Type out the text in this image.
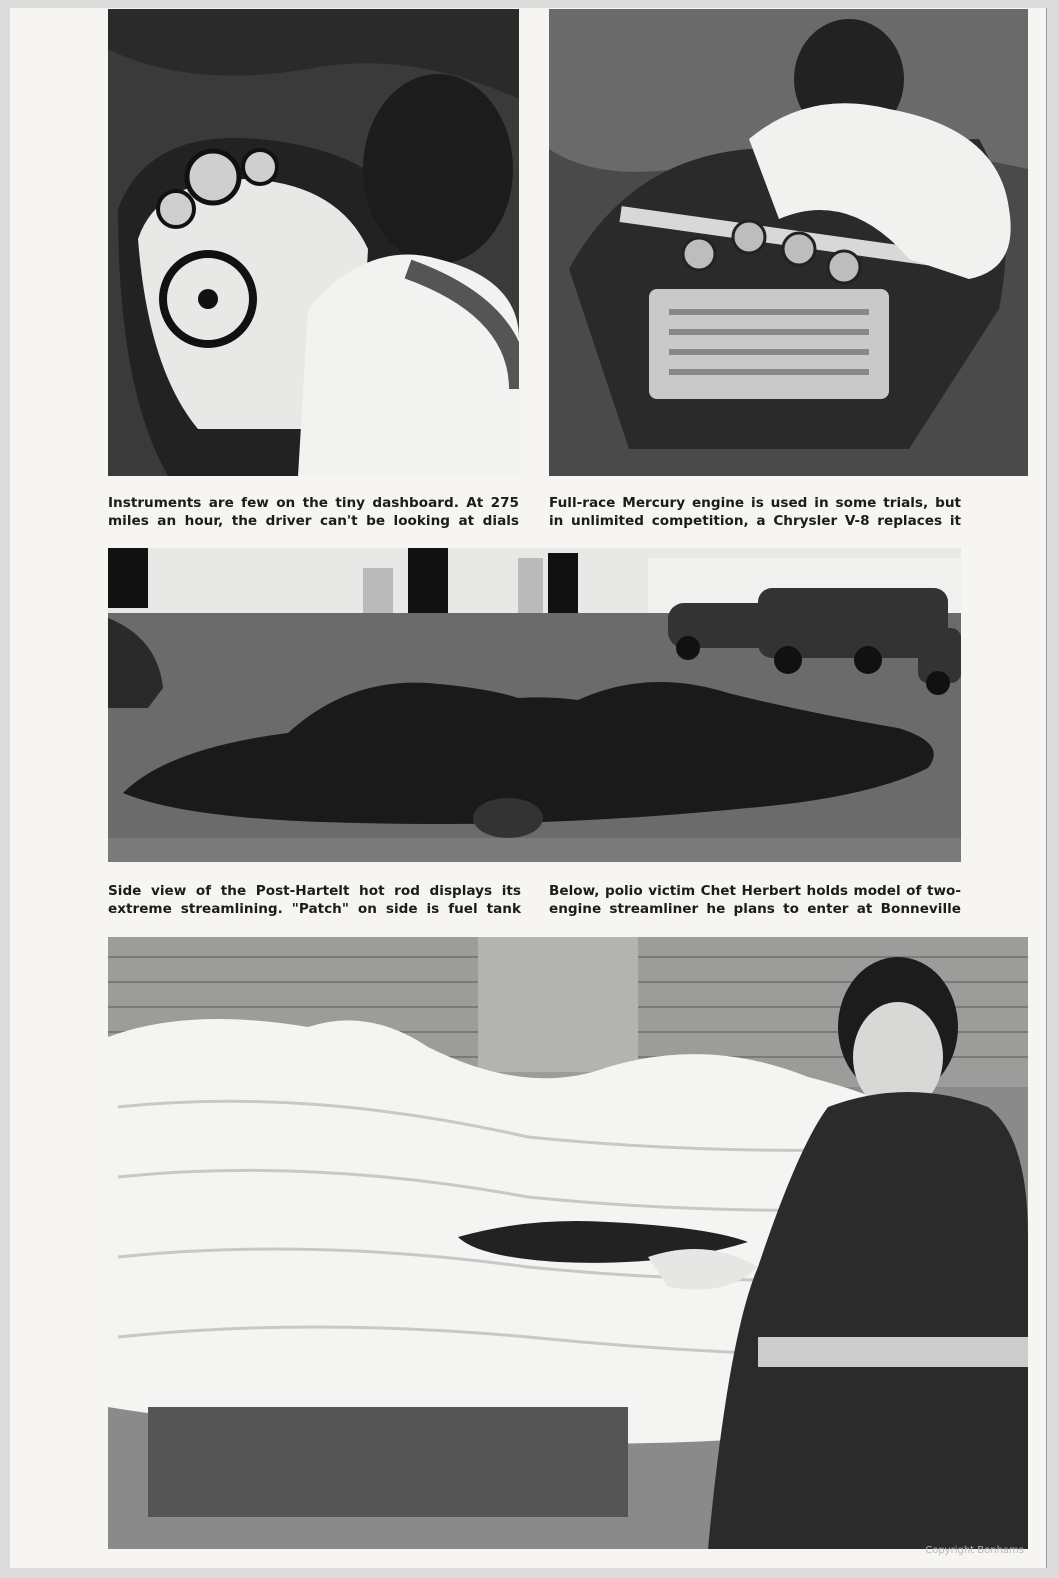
Instruments are few on the tiny dashboard. At 275
miles an hour, the driver can't be looking at dials

Full-race Mercury engine is used in some trials, but
in unlimited competition, a Chrysler V-8 replaces it

Side view of the Post-Hartelt hot rod displays its
extreme streamlining. "Patch" on side is fuel tank

Below, polio victim Chet Herbert holds model of two-
engine streamliner he plans to enter at Bonneville

Copyright Bonhams
